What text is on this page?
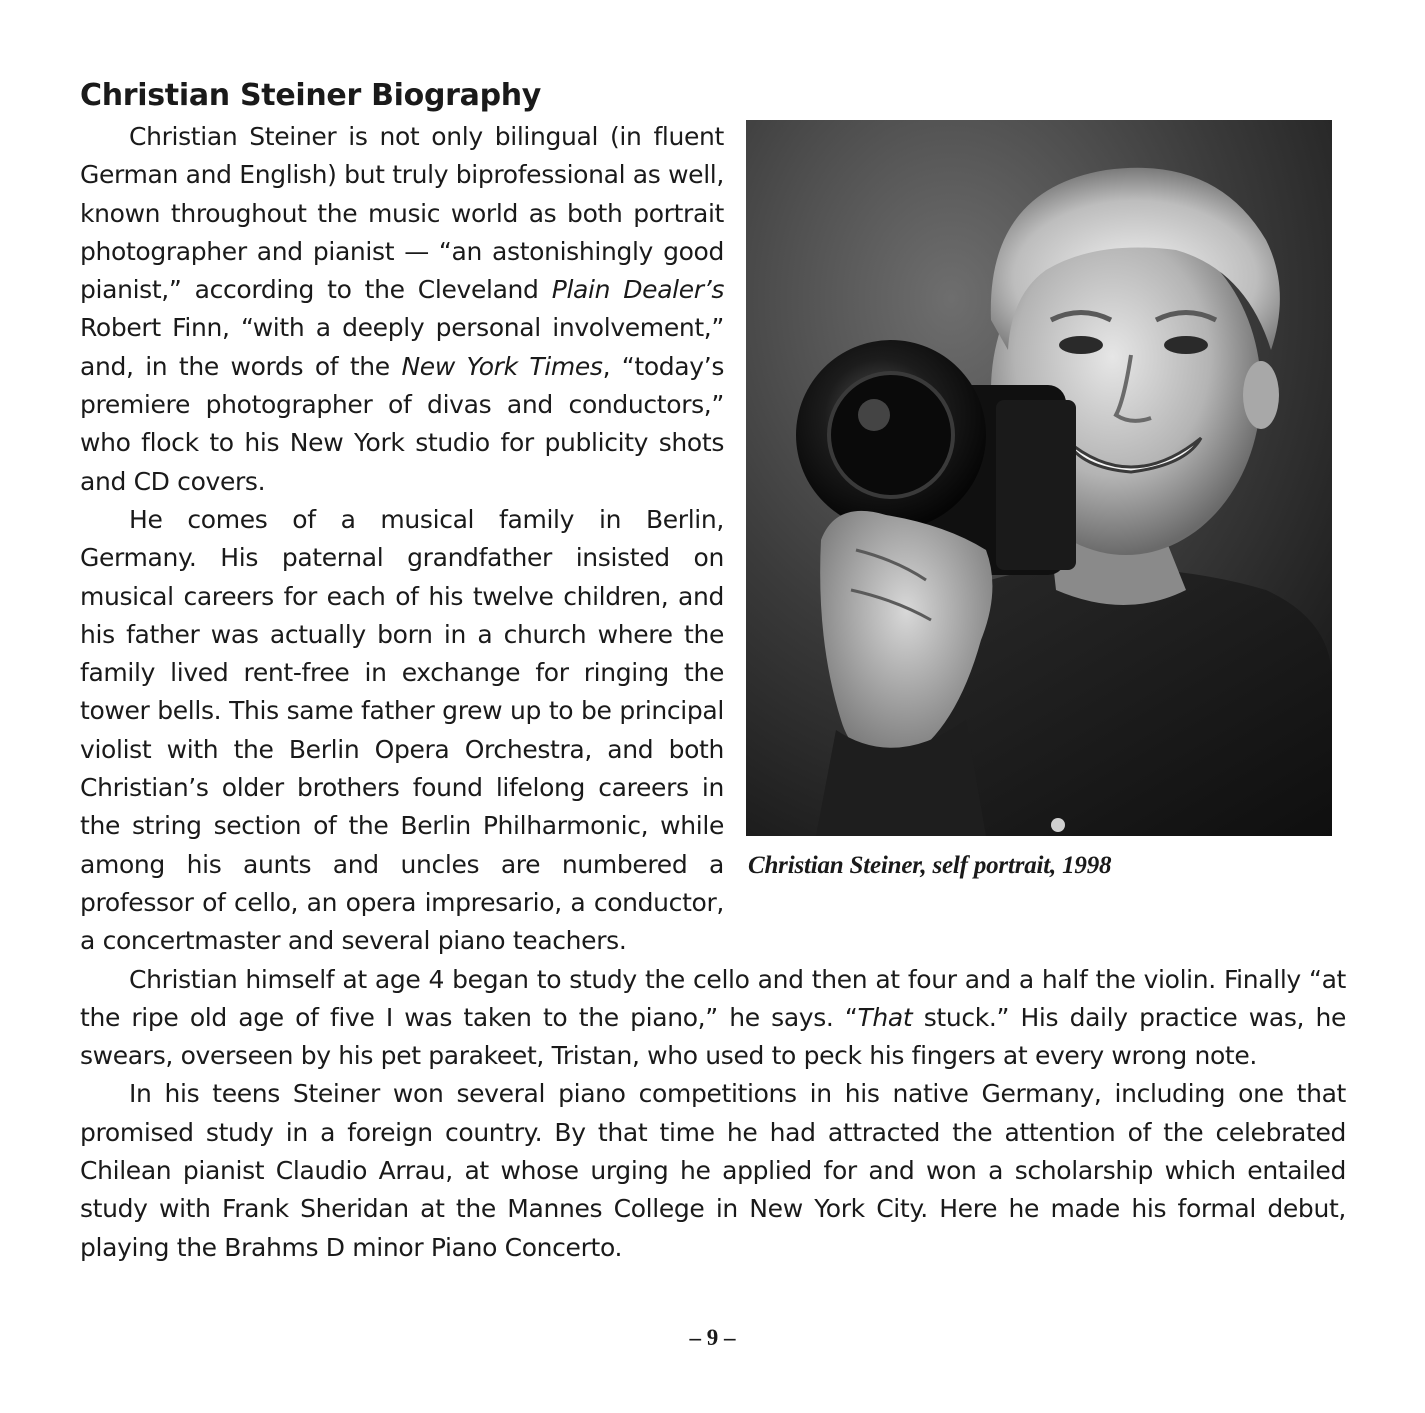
Christian Steiner Biography
Christian Steiner, self portrait, 1998

Christian Steiner is not only bilingual (in fluent German and English) but truly biprofessional as well, known throughout the music world as both portrait photographer and pianist — “an astonishingly good pianist,” according to the Cleveland Plain Dealer’s Robert Finn, “with a deeply personal involvement,” and, in the words of the New York Times, “today’s premiere photographer of divas and conductors,” who flock to his New York studio for publicity shots and CD covers.

He comes of a musical family in Berlin, Germany. His paternal grandfather insisted on musical careers for each of his twelve children, and his father was actually born in a church where the family lived rent-free in exchange for ringing the tower bells. This same father grew up to be principal violist with the Berlin Opera Orchestra, and both Christian’s older brothers found lifelong careers in the string section of the Berlin Philharmonic, while among his aunts and uncles are numbered a professor of cello, an opera impresario, a conductor, a concertmaster and several piano teachers.

Christian himself at age 4 began to study the cello and then at four and a half the violin. Finally “at the ripe old age of five I was taken to the piano,” he says. “That stuck.” His daily practice was, he swears, overseen by his pet parakeet, Tristan, who used to peck his fingers at every wrong note.

In his teens Steiner won several piano competitions in his native Germany, including one that promised study in a foreign country. By that time he had attracted the attention of the celebrated Chilean pianist Claudio Arrau, at whose urging he applied for and won a scholarship which entailed study with Frank Sheridan at the Mannes College in New York City. Here he made his formal debut, playing the Brahms D minor Piano Concerto.

– 9 –
